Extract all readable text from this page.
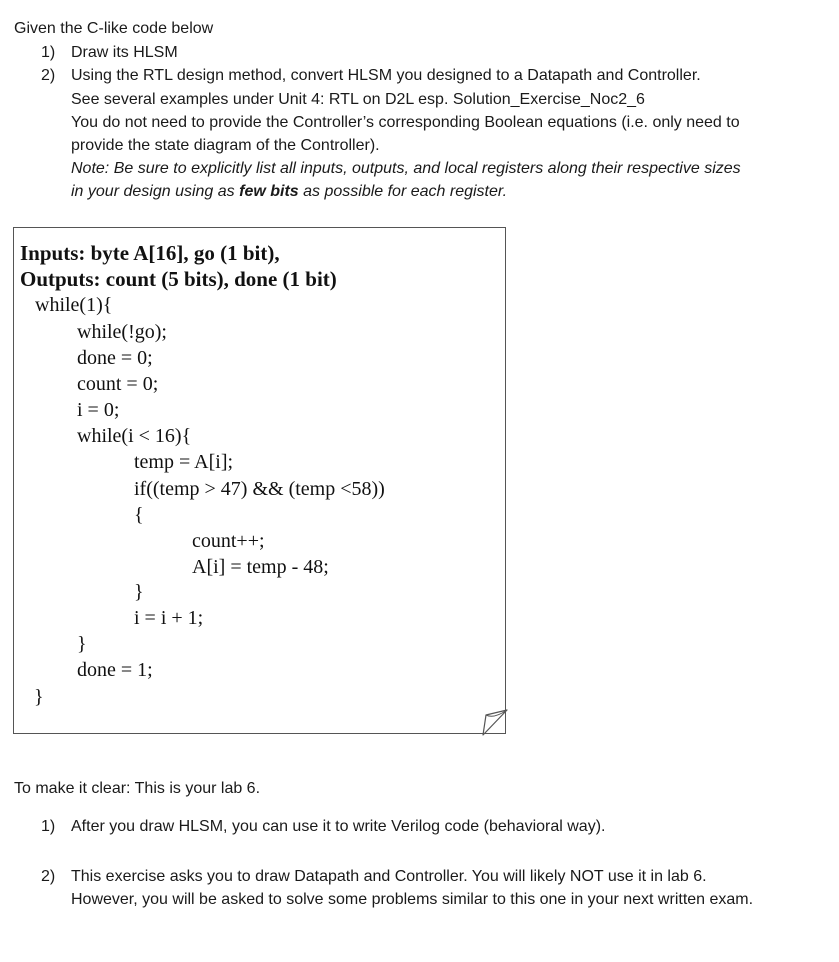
Given the C-like code below
1) Draw its HLSM
2) Using the RTL design method, convert HLSM you designed to a Datapath and Controller.
See several examples under Unit 4: RTL on D2L esp. Solution_Exercise_Noc2_6
You do not need to provide the Controller’s corresponding Boolean equations (i.e. only need to
provide the state diagram of the Controller).
Note: Be sure to explicitly list all inputs, outputs, and local registers along their respective sizes
in your design using as few bits as possible for each register.
Inputs: byte A[16], go (1 bit),
Outputs: count (5 bits), done (1 bit)
while(1){
while(!go);
done = 0;
count = 0;
i = 0;
while(i < 16){
temp = A[i];
if((temp > 47) && (temp <58))
{
count++;
A[i] = temp - 48;
}
i = i + 1;
}
done = 1;
}
To make it clear: This is your lab 6.
1) After you draw HLSM, you can use it to write Verilog code (behavioral way).
2) This exercise asks you to draw Datapath and Controller. You will likely NOT use it in lab 6.
However, you will be asked to solve some problems similar to this one in your next written exam.
